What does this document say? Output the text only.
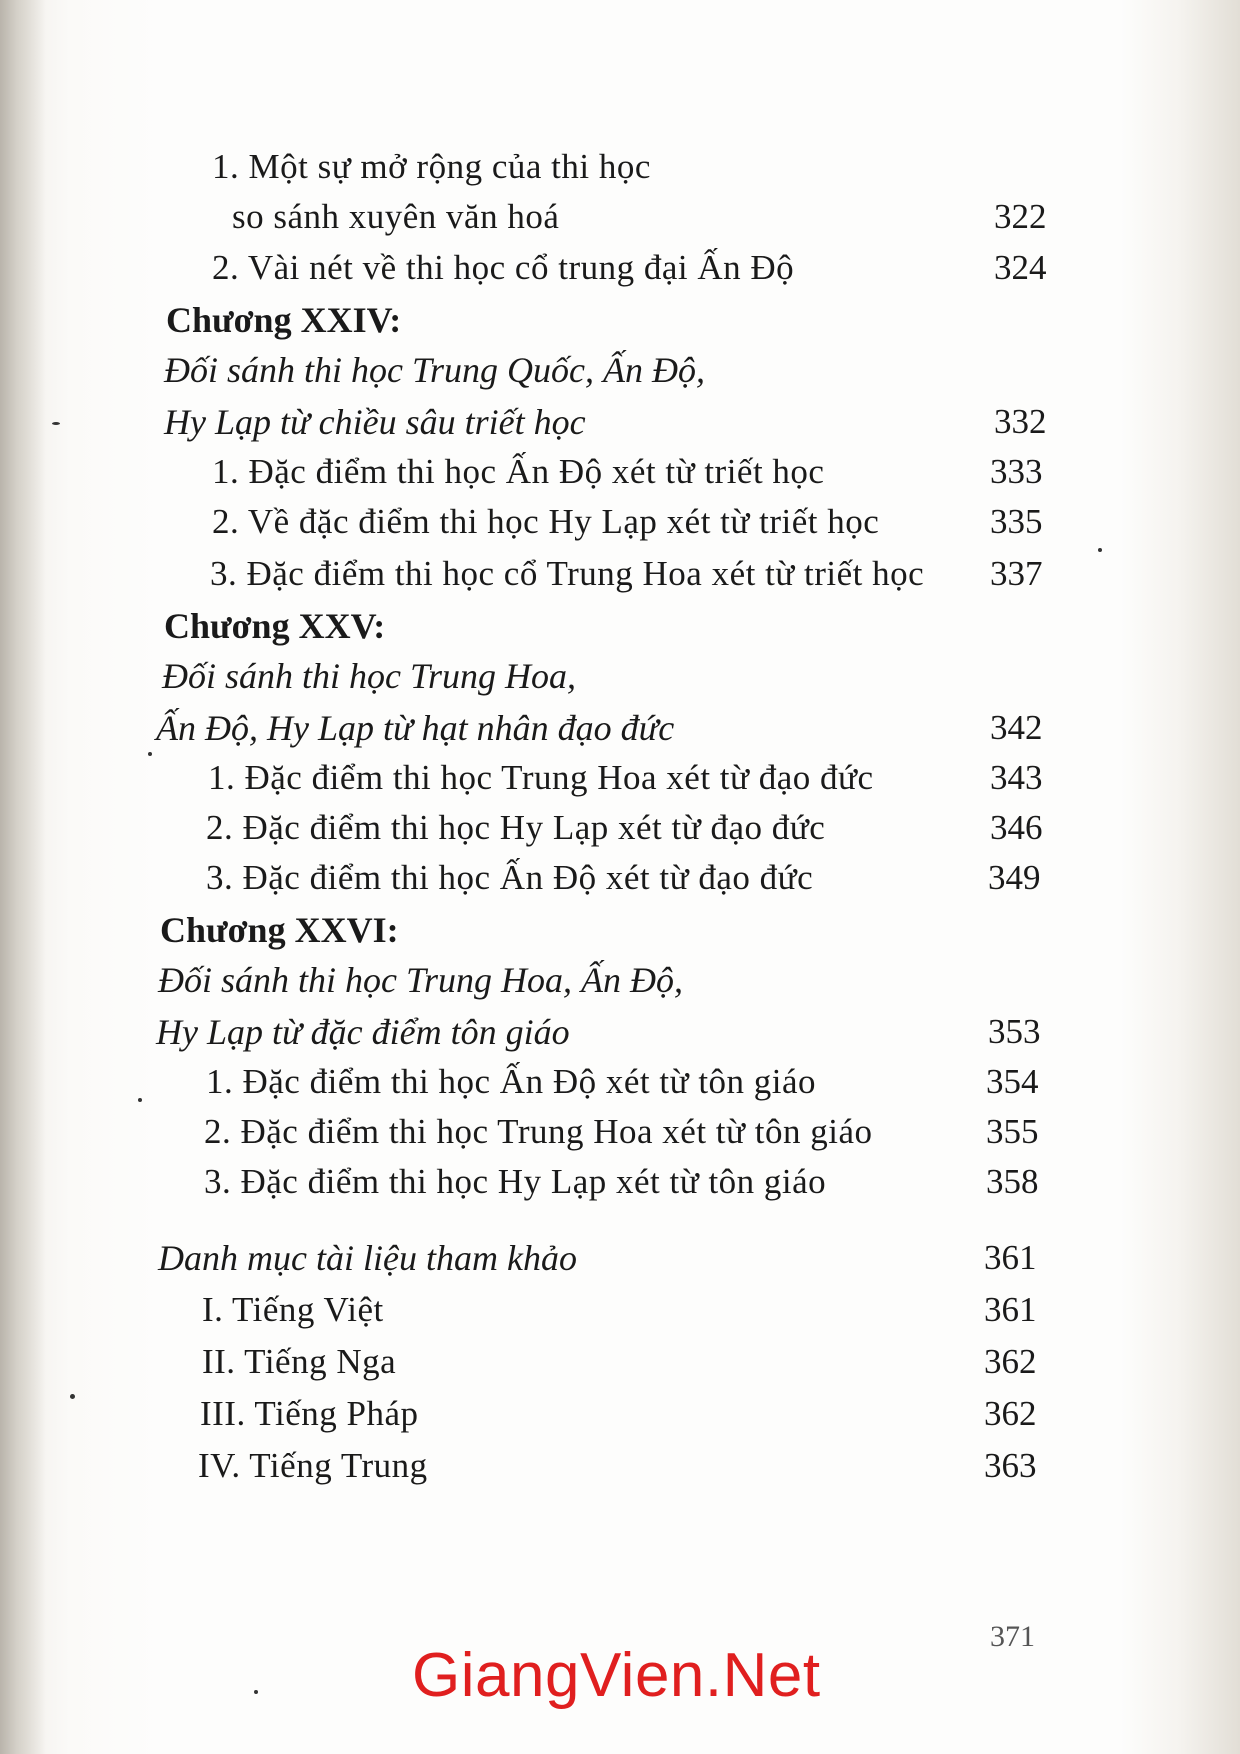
1. Một sự mở rộng của thi học
so sánh xuyên văn hoá	322
2. Vài nét về thi học cổ trung đại Ấn Độ	324
Chương XXIV:
Đối sánh thi học Trung Quốc, Ấn Độ,
Hy Lạp từ chiều sâu triết học	332
1. Đặc điểm thi học Ấn Độ xét từ triết học	333
2. Về đặc điểm thi học Hy Lạp xét từ triết học	335
3. Đặc điểm thi học cổ Trung Hoa xét từ triết học 337
Chương XXV:
Đối sánh thi học Trung Hoa,
Ấn Độ, Hy Lạp từ hạt nhân đạo đức	342
1. Đặc điểm thi học Trung Hoa xét từ đạo đức	343
2. Đặc điểm thi học Hy Lạp xét từ đạo đức	346
3. Đặc điểm thi học Ấn Độ xét từ đạo đức	349
Chương XXVI:
Đối sánh thi học Trung Hoa, Ấn Độ,
Hy Lạp từ đặc điểm tôn giáo	353
1. Đặc điểm thi học Ấn Độ xét từ tôn giáo	354
2. Đặc điểm thi học Trung Hoa xét từ tôn giáo	355
3. Đặc điểm thi học Hy Lạp xét từ tôn giáo	358
Danh mục tài liệu tham khảo	361
I. Tiếng Việt	361
II. Tiếng Nga	362
III. Tiếng Pháp	362
IV. Tiếng Trung	363
371
GiangVien.Net
